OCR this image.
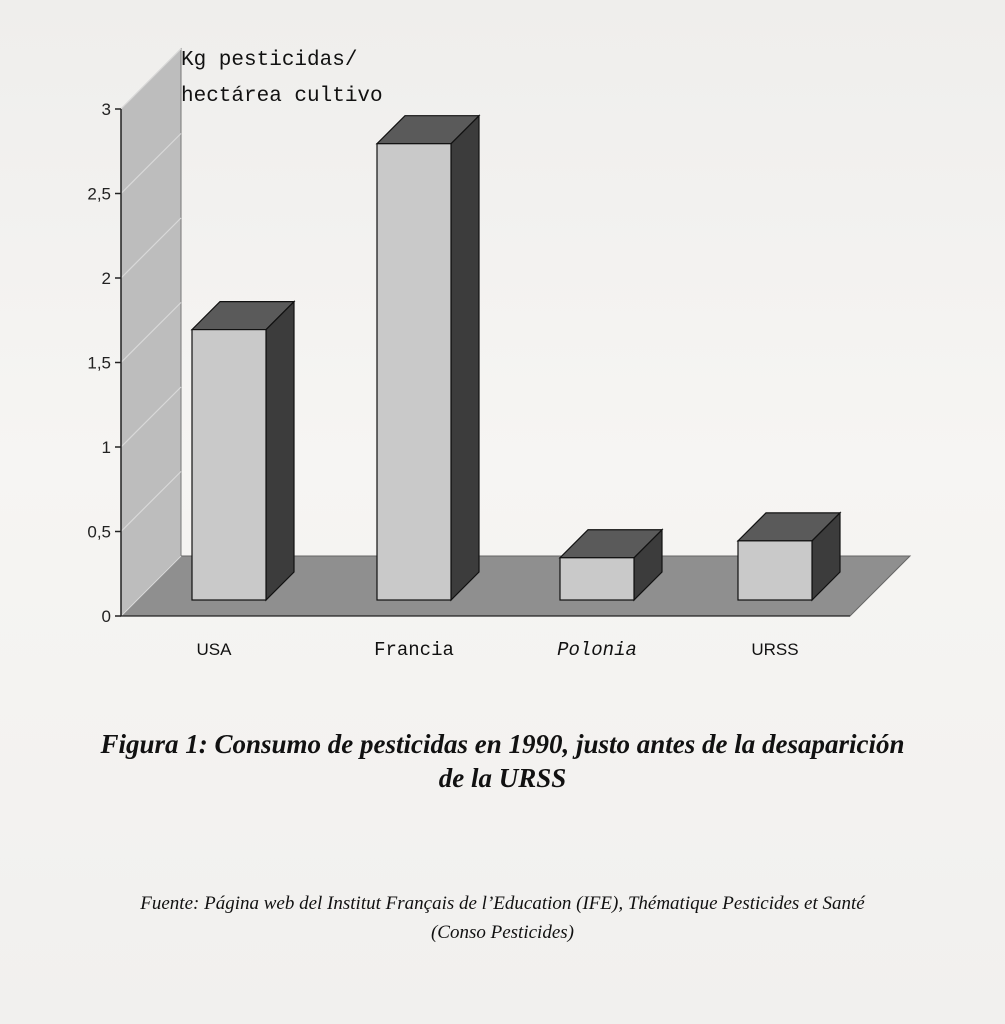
0
0,5
1
1,5
2
2,5
3
USA	Francia	Polonia	URSS
Kg pesticidas/
hectárea cultivo
Figura 1: Consumo de pesticidas en 1990, justo antes de la desaparición
de la URSS
Fuente: Página web del Institut Français de l’Education (IFE), Thématique Pesticides et Santé
(Conso Pesticides)
